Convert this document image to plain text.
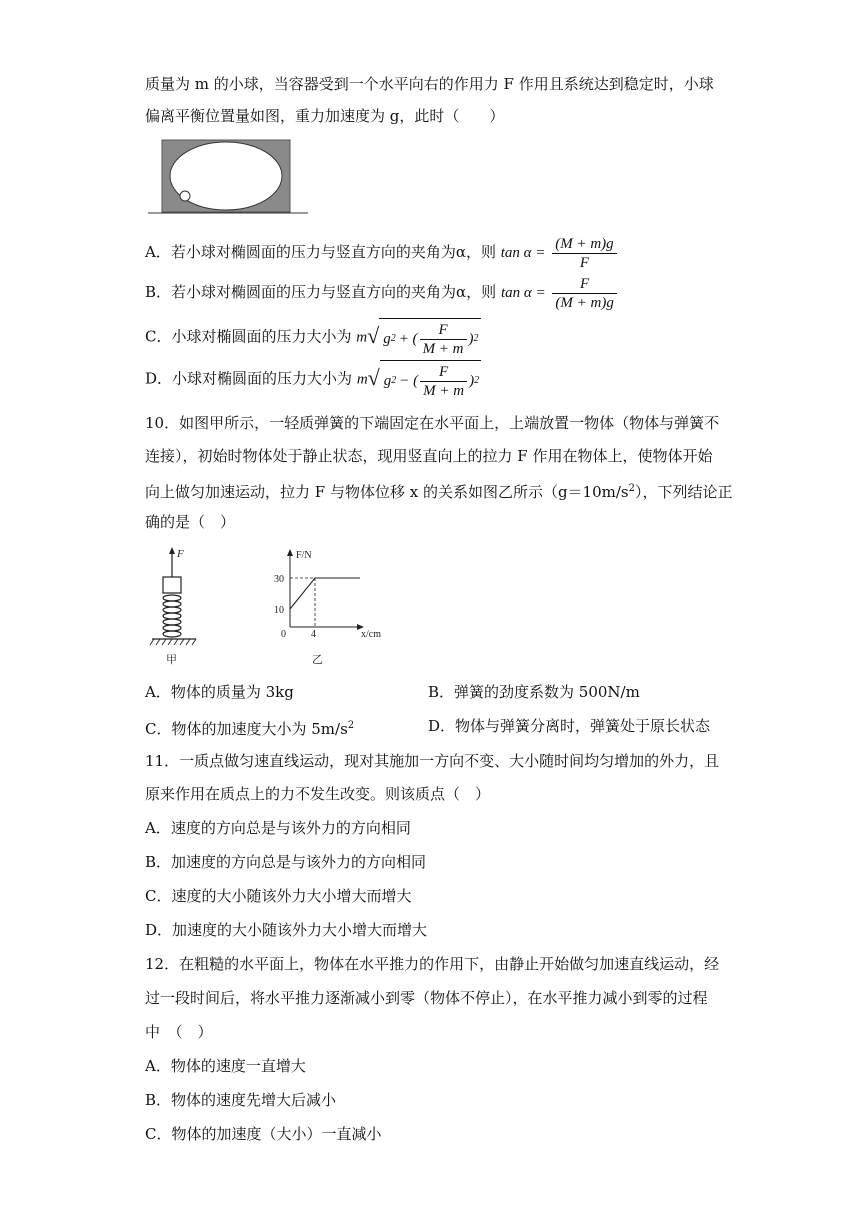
质量为 m 的小球，当容器受到一个水平向右的作用力 F 作用且系统达到稳定时，小球
偏离平衡位置量如图，重力加速度为 g，此时（　　）
A．若小球对椭圆面的压力与竖直方向的夹角为α，则 $\tan \alpha = \frac{(M + m)g}{F}$
B．若小球对椭圆面的压力与竖直方向的夹角为α，则 $\tan \alpha = \frac{F}{(M + m)g}$
C．小球对椭圆面的压力大小为 m√ g 2 + ( $\frac{F}{M + m}$ ) 2
D．小球对椭圆面的压力大小为 m√ g 2 − ( $\frac{F}{M + m}$ ) 2
10．如图甲所示，一轻质弹簧的下端固定在水平面上，上端放置一物体（物体与弹簧不
连接），初始时物体处于静止状态，现用竖直向上的拉力 F 作用在物体上，使物体开始
向上做匀加速运动，拉力 F 与物体位移 x 的关系如图乙所示$(g=10m/s^2)$，下列结论正
确的是（　）
F
甲
F/N
x/cm
30
10
0	4
乙
A．物体的质量为 3kg	B．弹簧的劲度系数为 500N/m
C．物体的加速度大小为 $5m/s^2$	D．物体与弹簧分离时，弹簧处于原长状态
11．一质点做匀速直线运动，现对其施加一方向不变、大小随时间均匀增加的外力，且
原来作用在质点上的力不发生改变。则该质点（　）
A．速度的方向总是与该外力的方向相同
B．加速度的方向总是与该外力的方向相同
C．速度的大小随该外力大小增大而增大
D．加速度的大小随该外力大小增大而增大
12．在粗糙的水平面上，物体在水平推力的作用下，由静止开始做匀加速直线运动，经
过一段时间后，将水平推力逐渐减小到零（物体不停止），在水平推力减小到零的过程
中　（　）
A．物体的速度一直增大
B．物体的速度先增大后减小
C．物体的加速度（大小）一直减小
